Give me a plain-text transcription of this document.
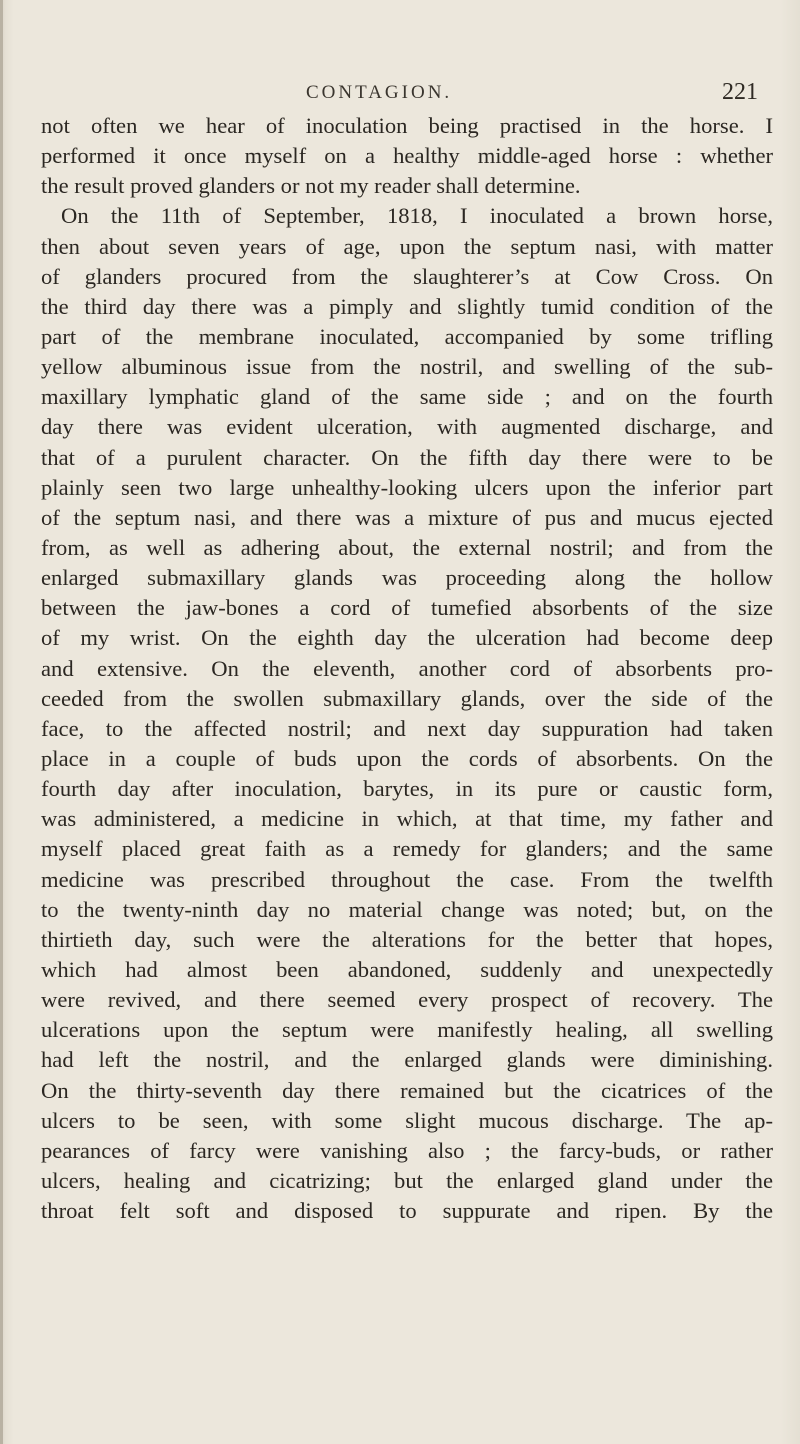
CONTAGION.	221
not often we hear of inoculation being practised in the horse. I
performed it once myself on a healthy middle-aged horse : whether
the result proved glanders or not my reader shall determine.
On the 11th of September, 1818, I inoculated a brown horse,
then about seven years of age, upon the septum nasi, with matter
of glanders procured from the slaughterer’s at Cow Cross. On
the third day there was a pimply and slightly tumid condition of the
part of the membrane inoculated, accompanied by some trifling
yellow albuminous issue from the nostril, and swelling of the sub-
maxillary lymphatic gland of the same side ; and on the fourth
day there was evident ulceration, with augmented discharge, and
that of a purulent character. On the fifth day there were to be
plainly seen two large unhealthy-looking ulcers upon the inferior part
of the septum nasi, and there was a mixture of pus and mucus ejected
from, as well as adhering about, the external nostril; and from the
enlarged submaxillary glands was proceeding along the hollow
between the jaw-bones a cord of tumefied absorbents of the size
of my wrist. On the eighth day the ulceration had become deep
and extensive. On the eleventh, another cord of absorbents pro-
ceeded from the swollen submaxillary glands, over the side of the
face, to the affected nostril; and next day suppuration had taken
place in a couple of buds upon the cords of absorbents. On the
fourth day after inoculation, barytes, in its pure or caustic form,
was administered, a medicine in which, at that time, my father and
myself placed great faith as a remedy for glanders; and the same
medicine was prescribed throughout the case. From the twelfth
to the twenty-ninth day no material change was noted; but, on the
thirtieth day, such were the alterations for the better that hopes,
which had almost been abandoned, suddenly and unexpectedly
were revived, and there seemed every prospect of recovery. The
ulcerations upon the septum were manifestly healing, all swelling
had left the nostril, and the enlarged glands were diminishing.
On the thirty-seventh day there remained but the cicatrices of the
ulcers to be seen, with some slight mucous discharge. The ap-
pearances of farcy were vanishing also ; the farcy-buds, or rather
ulcers, healing and cicatrizing; but the enlarged gland under the
throat felt soft and disposed to suppurate and ripen. By the
